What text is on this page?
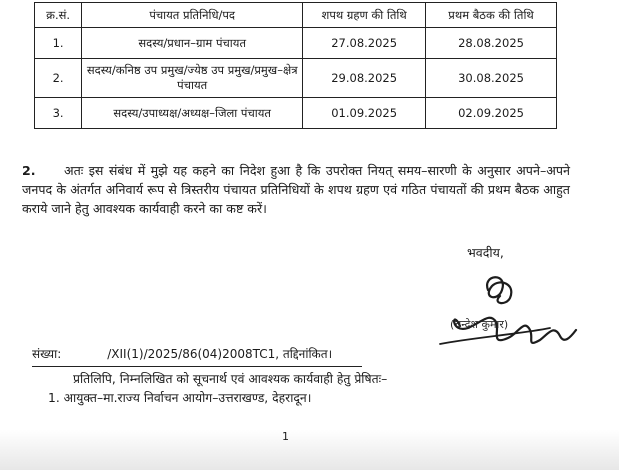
क्र.सं.	पंचायत प्रतिनिधि/पद	शपथ ग्रहण की तिथि	प्रथम बैठक की तिथि
1.	सदस्य/प्रधान–ग्राम पंचायत	27.08.2025	28.08.2025
2.	सदस्य/कनिष्ठ उप प्रमुख/ज्येष्ठ उप प्रमुख/प्रमुख–क्षेत्र पंचायत	29.08.2025	30.08.2025
3.	सदस्य/उपाध्यक्ष/अध्यक्ष–जिला पंचायत	01.09.2025	02.09.2025

2. अतः इस संबंध में मुझे यह कहने का निदेश हुआ है कि उपरोक्त नियत् समय–सारणी के अनुसार अपने–अपने जनपद के अंतर्गत अनिवार्य रूप से त्रिस्तरीय पंचायत प्रतिनिधियों के शपथ ग्रहण एवं गठित पंचायतों की प्रथम बैठक आहुत कराये जाने हेतु आवश्यक कार्यवाही करने का कष्ट करें।

भवदीय,
(चन्द्रेश कुमार)
संख्या:	/XII(1)/2025/86(04)2008TC1, तद्दिनांकित।
प्रतिलिपि, निम्नलिखित को सूचनार्थ एवं आवश्यक कार्यवाही हेतु प्रेषितः–
1. आयुक्त–मा.राज्य निर्वाचन आयोग–उत्तराखण्ड, देहरादून।
1
